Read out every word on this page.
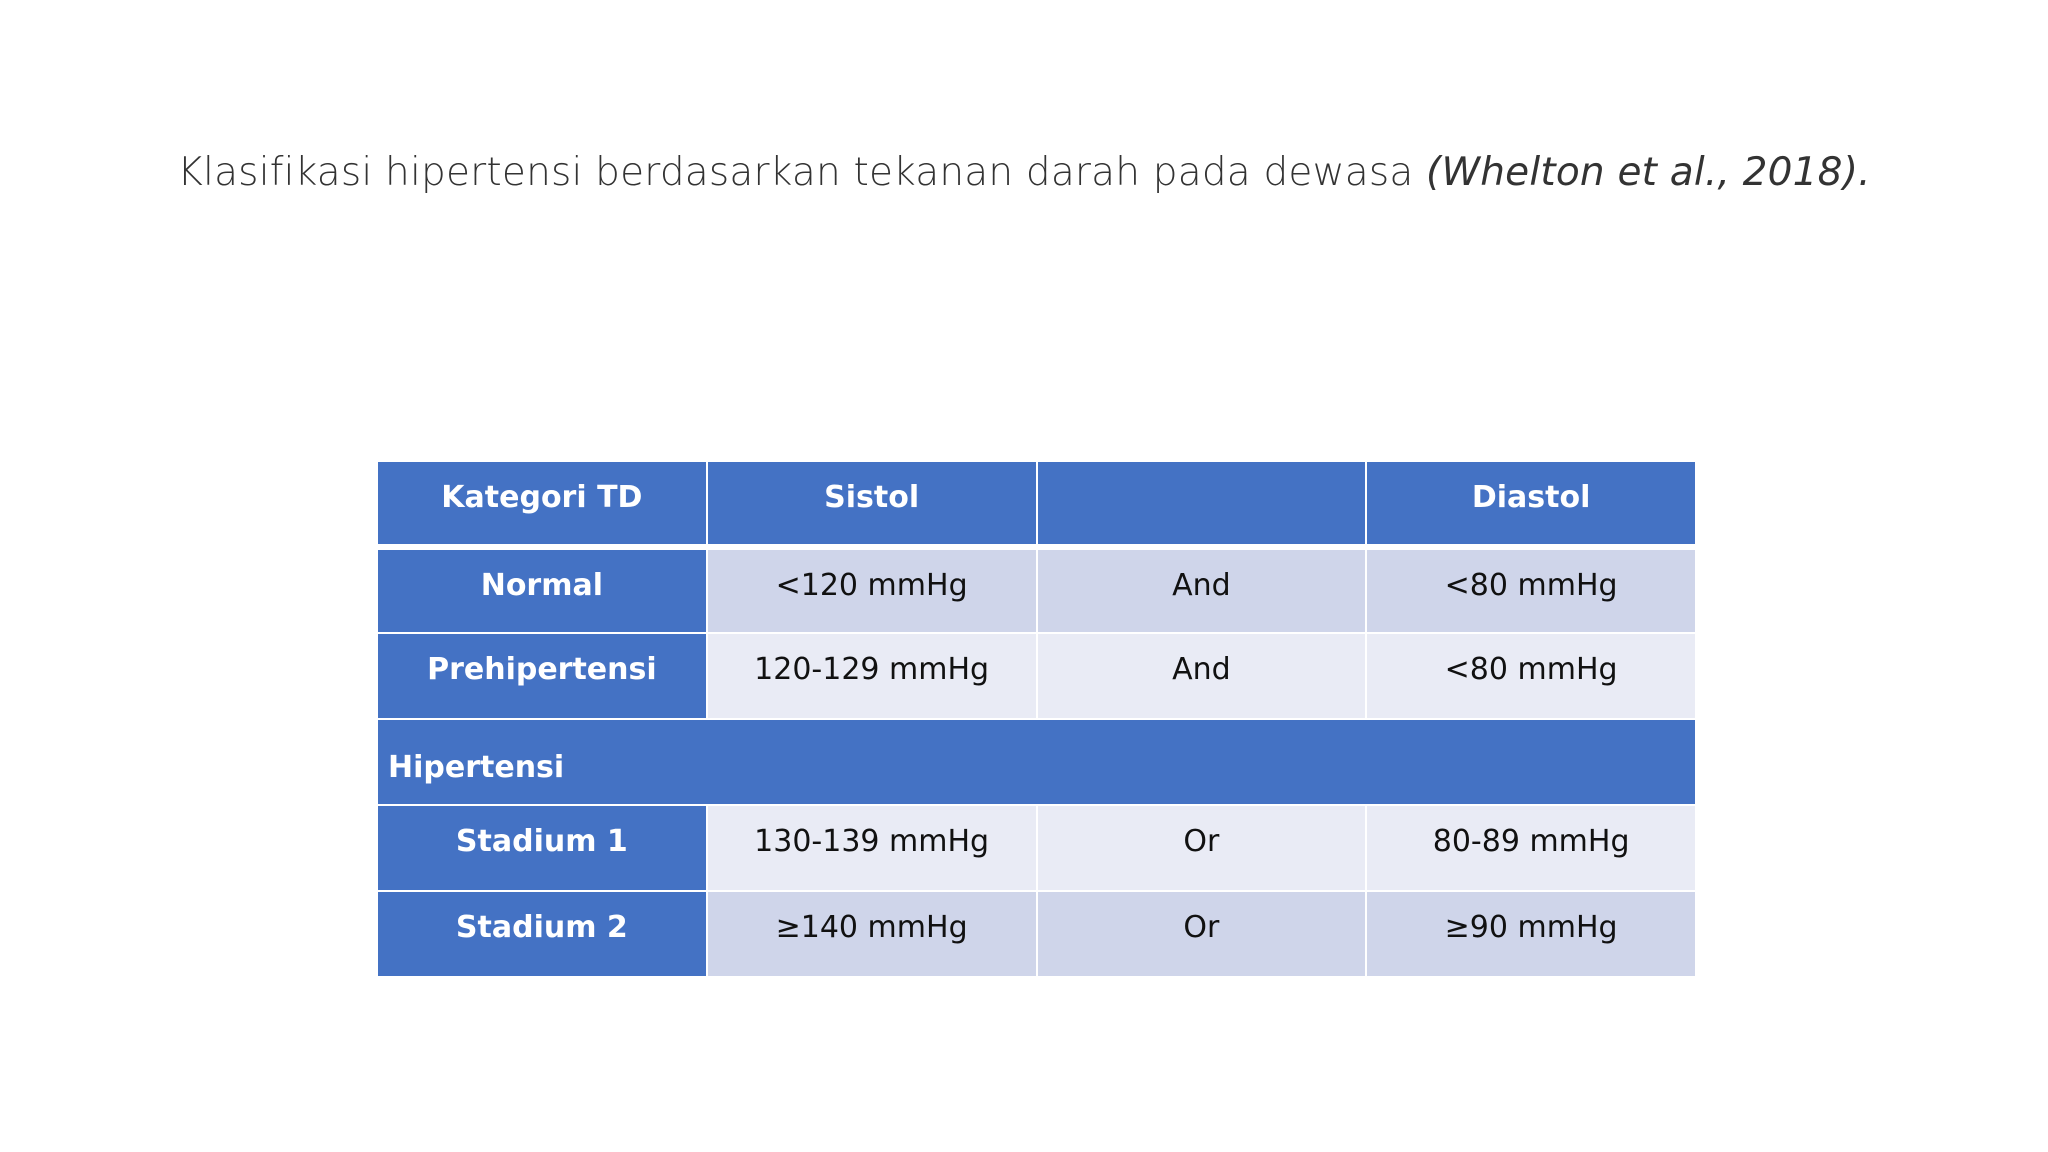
Klasifikasi hipertensi berdasarkan tekanan darah pada dewasa (Whelton et al., 2018).
Kategori TD	Sistol		Diastol
Normal	<120 mmHg	And	<80 mmHg
Prehipertensi	120-129 mmHg	And	<80 mmHg
Hipertensi			
Stadium 1	130-139 mmHg	Or	80-89 mmHg
Stadium 2	≥140 mmHg	Or	≥90 mmHg
